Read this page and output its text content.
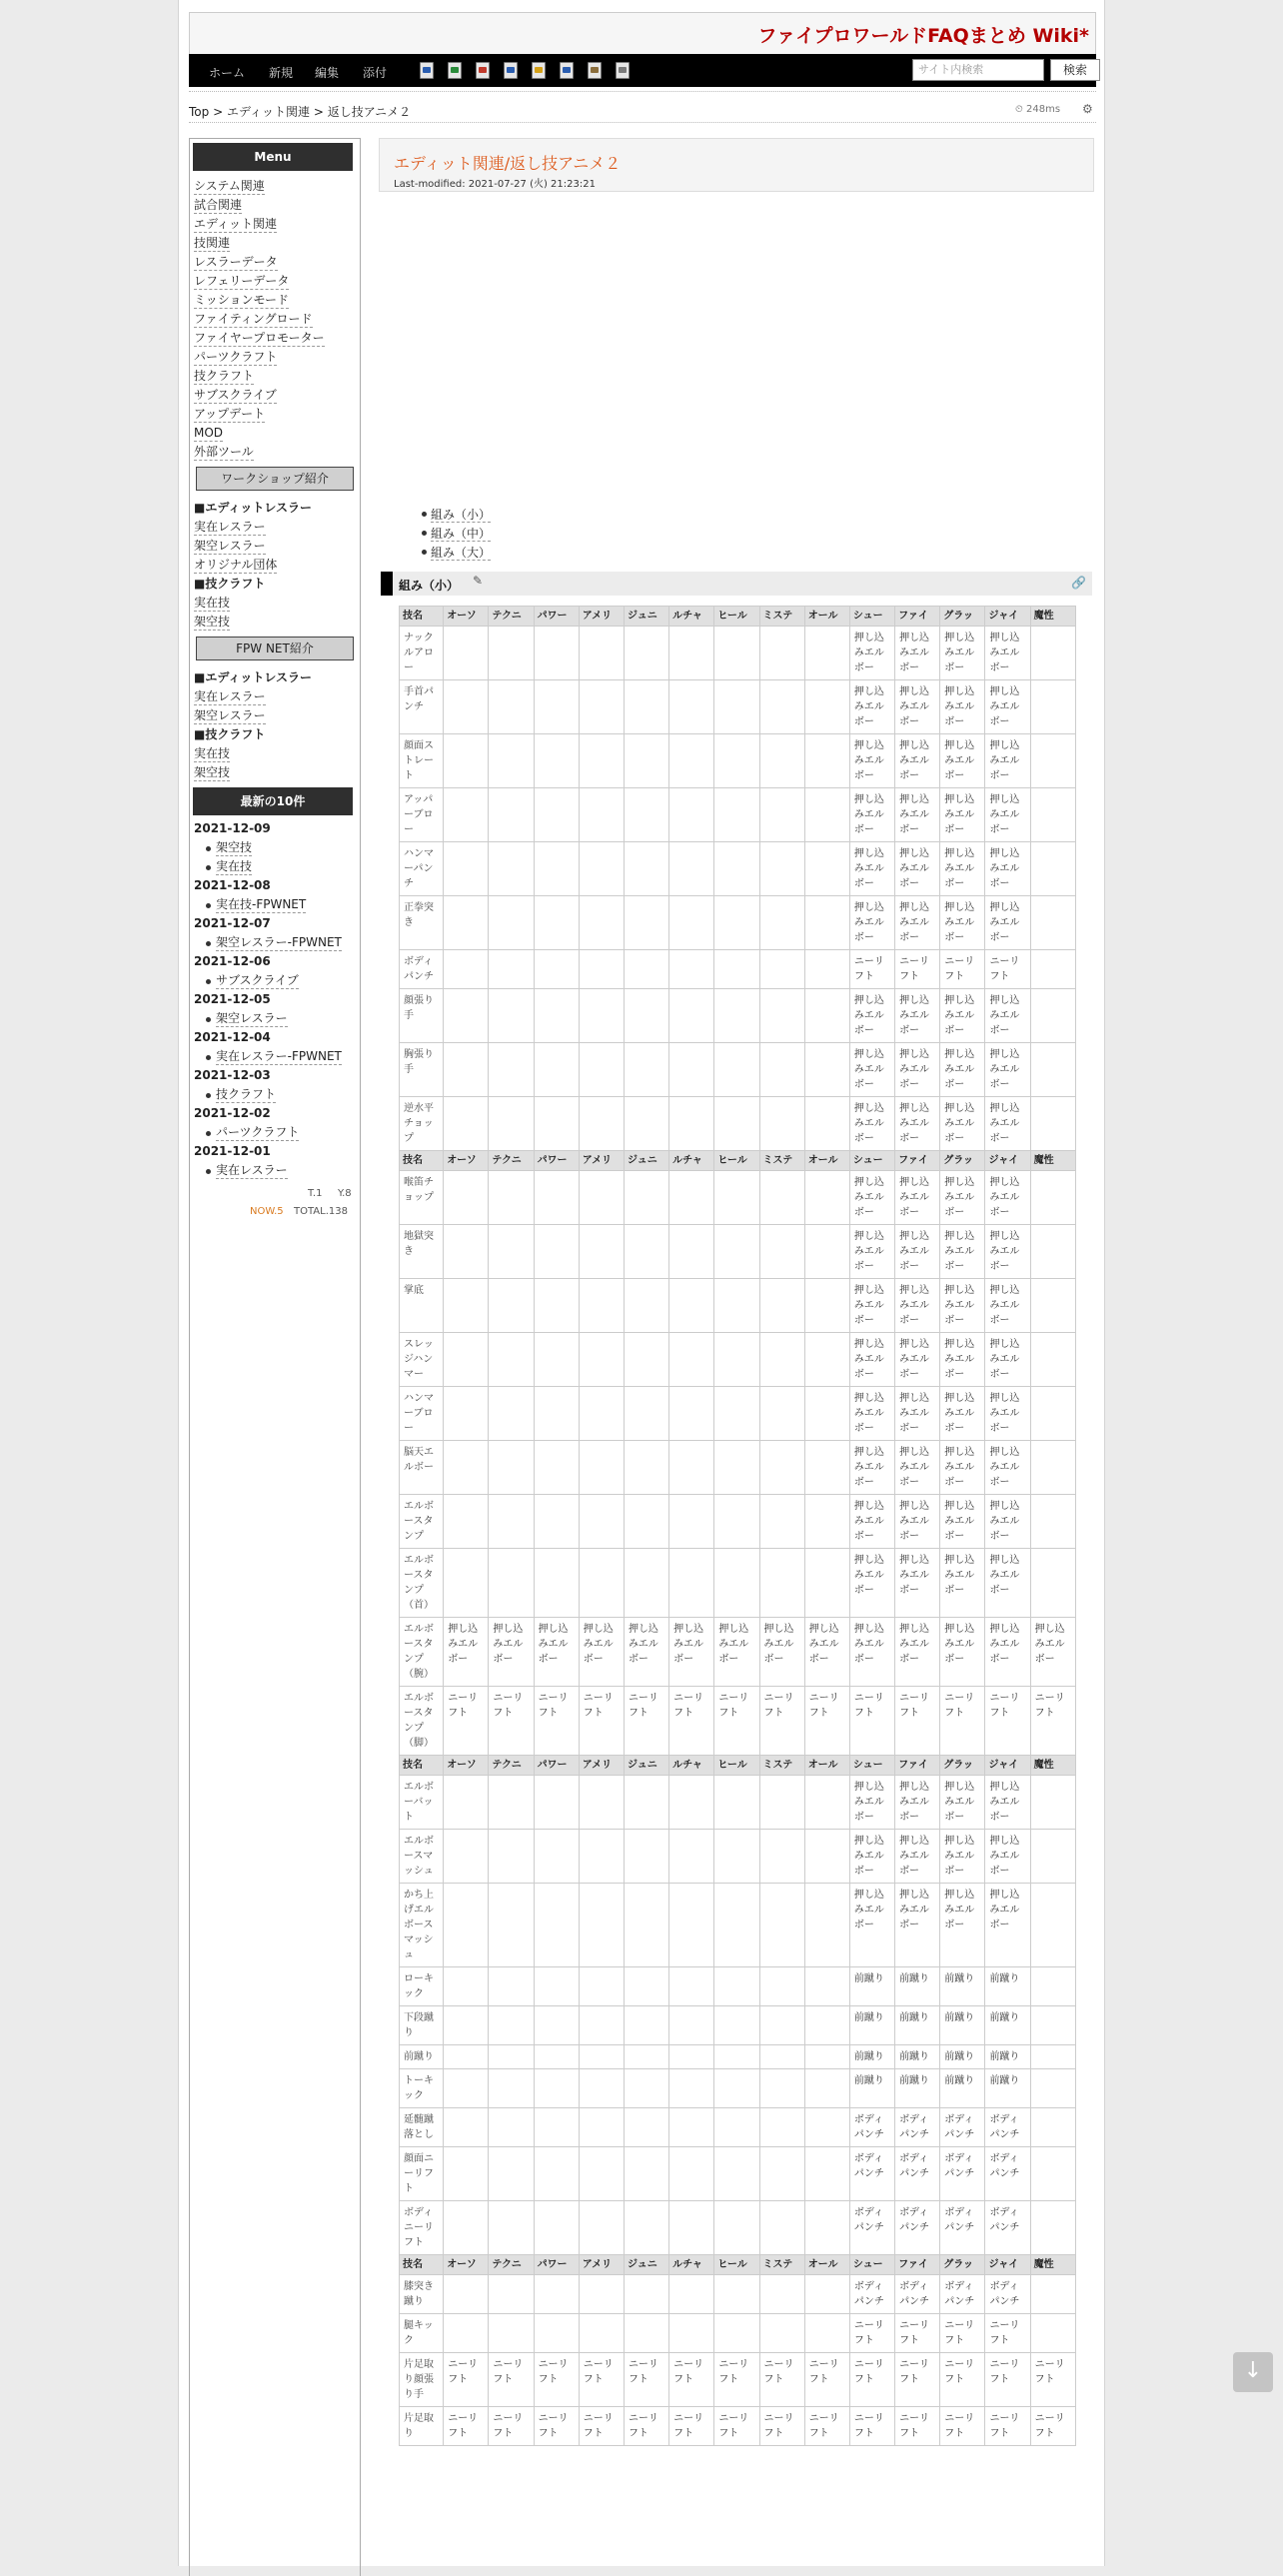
ファイプロワールドFAQまとめ Wiki*
ホーム 新規 編集 添付	サイト内検索	検索
Top > エディット関連 > 返し技アニメ２	⏲ 248ms ⚙
Menu
システム関連
試合関連
エディット関連
技関連
レスラーデータ
レフェリーデータ
ミッションモード
ファイティングロード
ファイヤープロモーター
パーツクラフト
技クラフト
サブスクライブ
アップデート
MOD
外部ツール
ワークショップ紹介
■エディットレスラー
実在レスラー
架空レスラー
オリジナル団体
■技クラフト
実在技
架空技
FPW NET紹介
■エディットレスラー
実在レスラー
架空レスラー
■技クラフト
実在技
架空技
最新の10件
2021-12-09
架空技
実在技
2021-12-08
実在技-FPWNET
2021-12-07
架空レスラー-FPWNET
2021-12-06
サブスクライブ
2021-12-05
架空レスラー
2021-12-04
実在レスラー-FPWNET
2021-12-03
技クラフト
2021-12-02
パーツクラフト
2021-12-01
実在レスラー
T.1 Y.8
NOW.5 TOTAL.138
エディット関連/返し技アニメ２
Last-modified: 2021-07-27 (火) 21:23:21
組み（小）
組み（中）
組み（大）
組み（小） ✎	🔗
技名	オーソ	テクニ	パワー	アメリ	ジュニ	ルチャ	ヒール	ミステ	オール	シュー	ファイ	グラッ	ジャイ	魔性
ナックルアロー										押し込みエルボー	押し込みエルボー	押し込みエルボー	押し込みエルボー	
手首パンチ										押し込みエルボー	押し込みエルボー	押し込みエルボー	押し込みエルボー	
顔面ストレート										押し込みエルボー	押し込みエルボー	押し込みエルボー	押し込みエルボー	
アッパーブロー										押し込みエルボー	押し込みエルボー	押し込みエルボー	押し込みエルボー	
ハンマーパンチ										押し込みエルボー	押し込みエルボー	押し込みエルボー	押し込みエルボー	
正拳突き										押し込みエルボー	押し込みエルボー	押し込みエルボー	押し込みエルボー	
ボディパンチ										ニーリフト	ニーリフト	ニーリフト	ニーリフト	
顔張り手										押し込みエルボー	押し込みエルボー	押し込みエルボー	押し込みエルボー	
胸張り手										押し込みエルボー	押し込みエルボー	押し込みエルボー	押し込みエルボー	
逆水平チョップ										押し込みエルボー	押し込みエルボー	押し込みエルボー	押し込みエルボー	
技名	オーソ	テクニ	パワー	アメリ	ジュニ	ルチャ	ヒール	ミステ	オール	シュー	ファイ	グラッ	ジャイ	魔性
喉笛チョップ										押し込みエルボー	押し込みエルボー	押し込みエルボー	押し込みエルボー	
地獄突き										押し込みエルボー	押し込みエルボー	押し込みエルボー	押し込みエルボー	
掌底										押し込みエルボー	押し込みエルボー	押し込みエルボー	押し込みエルボー	
スレッジハンマー										押し込みエルボー	押し込みエルボー	押し込みエルボー	押し込みエルボー	
ハンマーブロー										押し込みエルボー	押し込みエルボー	押し込みエルボー	押し込みエルボー	
脳天エルボー										押し込みエルボー	押し込みエルボー	押し込みエルボー	押し込みエルボー	
エルボースタンプ										押し込みエルボー	押し込みエルボー	押し込みエルボー	押し込みエルボー	
エルボースタンプ（首）										押し込みエルボー	押し込みエルボー	押し込みエルボー	押し込みエルボー	
エルボースタンプ（腕）	押し込みエルボー	押し込みエルボー	押し込みエルボー	押し込みエルボー	押し込みエルボー	押し込みエルボー	押し込みエルボー	押し込みエルボー	押し込みエルボー	押し込みエルボー	押し込みエルボー	押し込みエルボー	押し込みエルボー	押し込みエルボー
エルボースタンプ（脚）	ニーリフト	ニーリフト	ニーリフト	ニーリフト	ニーリフト	ニーリフト	ニーリフト	ニーリフト	ニーリフト	ニーリフト	ニーリフト	ニーリフト	ニーリフト	ニーリフト
技名	オーソ	テクニ	パワー	アメリ	ジュニ	ルチャ	ヒール	ミステ	オール	シュー	ファイ	グラッ	ジャイ	魔性
エルボーバット										押し込みエルボー	押し込みエルボー	押し込みエルボー	押し込みエルボー	
エルボースマッシュ										押し込みエルボー	押し込みエルボー	押し込みエルボー	押し込みエルボー	
かち上げエルボースマッシュ										押し込みエルボー	押し込みエルボー	押し込みエルボー	押し込みエルボー	
ローキック										前蹴り	前蹴り	前蹴り	前蹴り	
下段蹴り										前蹴り	前蹴り	前蹴り	前蹴り	
前蹴り										前蹴り	前蹴り	前蹴り	前蹴り	
トーキック										前蹴り	前蹴り	前蹴り	前蹴り	
延髄蹴落とし										ボディパンチ	ボディパンチ	ボディパンチ	ボディパンチ	
顔面ニーリフト										ボディパンチ	ボディパンチ	ボディパンチ	ボディパンチ	
ボディニーリフト										ボディパンチ	ボディパンチ	ボディパンチ	ボディパンチ	
技名	オーソ	テクニ	パワー	アメリ	ジュニ	ルチャ	ヒール	ミステ	オール	シュー	ファイ	グラッ	ジャイ	魔性
膝突き蹴り										ボディパンチ	ボディパンチ	ボディパンチ	ボディパンチ	
腿キック										ニーリフト	ニーリフト	ニーリフト	ニーリフト	
片足取り顔張り手	ニーリフト	ニーリフト	ニーリフト	ニーリフト	ニーリフト	ニーリフト	ニーリフト	ニーリフト	ニーリフト	ニーリフト	ニーリフト	ニーリフト	ニーリフト	ニーリフト
片足取り	ニーリフト	ニーリフト	ニーリフト	ニーリフト	ニーリフト	ニーリフト	ニーリフト	ニーリフト	ニーリフト	ニーリフト	ニーリフト	ニーリフト	ニーリフト	ニーリフト
↓
